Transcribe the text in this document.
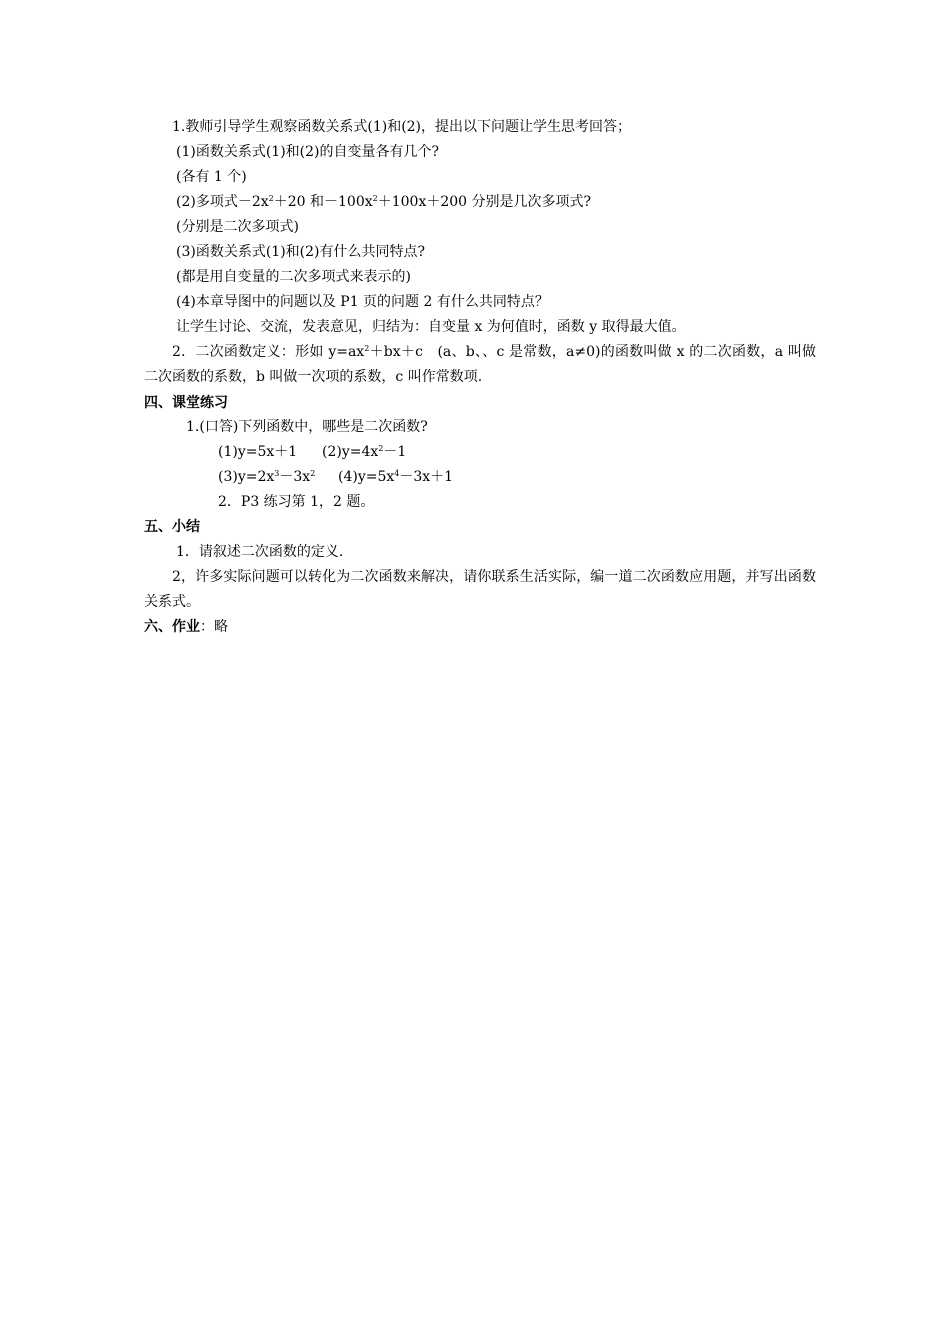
1.教师引导学生观察函数关系式(1)和(2)，提出以下问题让学生思考回答；
(1)函数关系式(1)和(2)的自变量各有几个?
(各有 1 个)
(2)多项式$-2x^2+20$ 和$-100x^2+100x+200$ 分别是几次多项式?
(分别是二次多项式)
(3)函数关系式(1)和(2)有什么共同特点?
(都是用自变量的二次多项式来表示的)
(4)本章导图中的问题以及 P1 页的问题 2 有什么共同特点？
让学生讨论、交流，发表意见，归结为：自变量 x 为何值时，函数 y 取得最大值。
2．二次函数定义：形如 $y=ax^2+bx+c$　(a、b、、c 是常数，a≠0)的函数叫做 x 的二次函数，a 叫做二次函数的系数，b 叫做一次项的系数，c 叫作常数项.
四、课堂练习
1.(口答)下列函数中，哪些是二次函数?
(1)y=5x＋1 $(2)y=4x^2-1$
$(3)y=2x^3-3x^2$ $(4)y=5x^4-3x+1$
2．P3 练习第 1，2 题。
五、小结
1．请叙述二次函数的定义.
2，许多实际问题可以转化为二次函数来解决，请你联系生活实际，编一道二次函数应用题，并写出函数关系式。
六、作业：略
